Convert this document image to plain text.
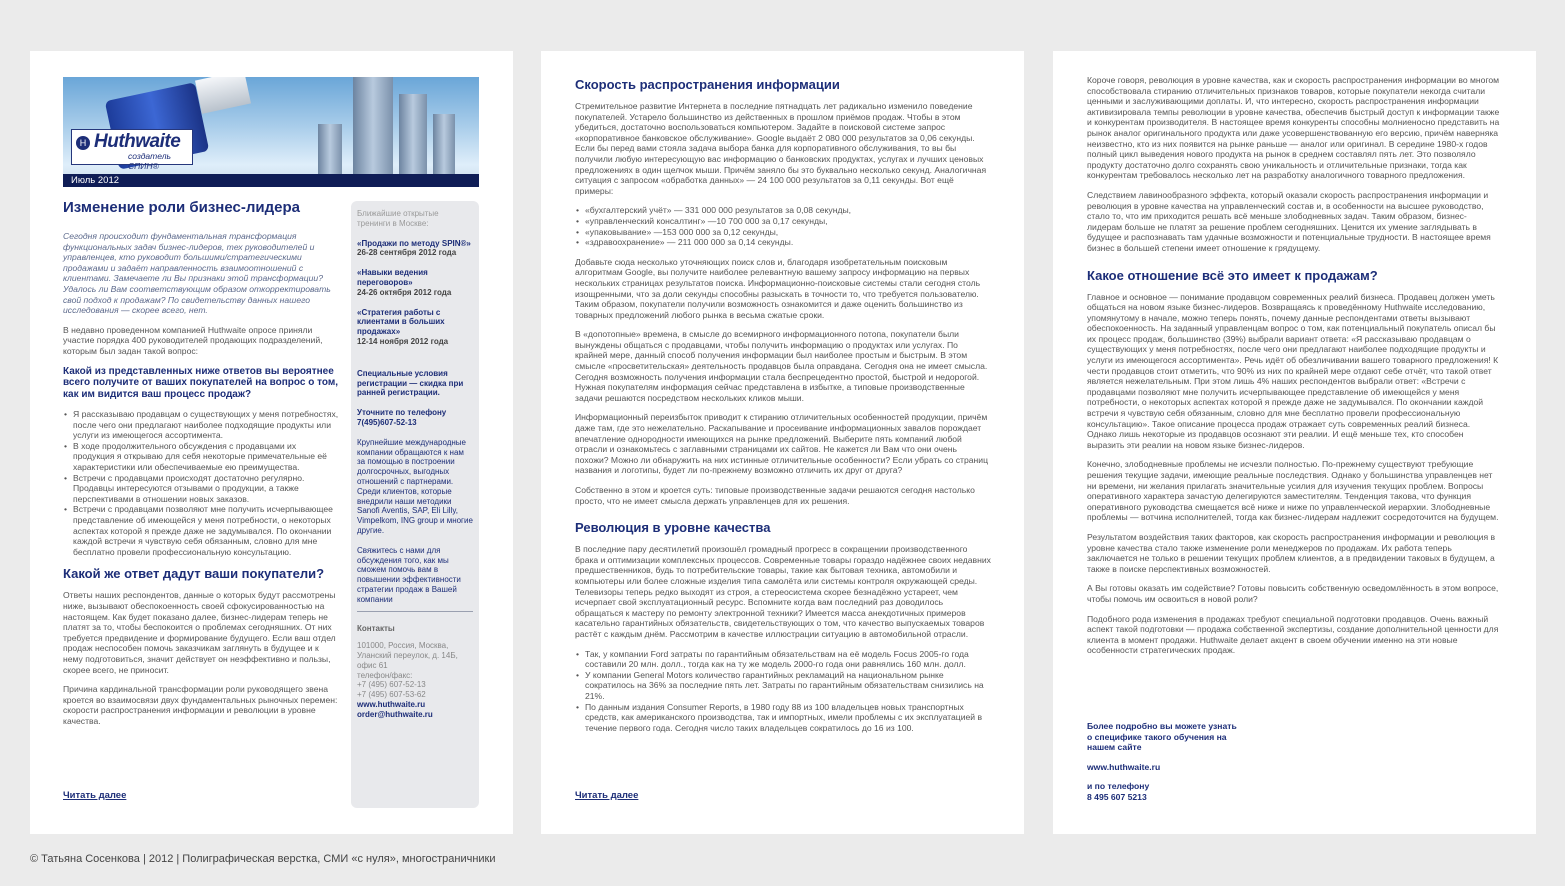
H Huthwaite
создатель СПИН®
Июль 2012
Изменение роли бизнес-лидера

Сегодня происходит фундаментальная трансформация функциональных задач бизнес-лидеров, тех руководителей и управленцев, кто руководит большими/стратегическими продажами и задаёт направленность взаимоотношений с клиентами. Замечаете ли Вы признаки этой трансформации? Удалось ли Вам соответствующим образом откорректировать свой подход к продажам? По свидетельству данных нашего исследования — скорее всего, нет.

В недавно проведенном компанией Huthwaite опросе приняли участие порядка 400 руководителей продающих подразделений, которым был задан такой вопрос:

Какой из представленных ниже ответов вы вероятнее всего получите от ваших покупателей на вопрос о том, как им видится ваш процесс продаж?

• Я рассказываю продавцам о существующих у меня потребностях, после чего они предлагают наиболее подходящие продукты или услуги из имеющегося ассортимента.
• В ходе продолжительного обсуждения с продавцами их продукция я открываю для себя некоторые примечательные её характеристики или обеспечиваемые ею преимущества.
• Встречи с продавцами происходят достаточно регулярно. Продавцы интересуются отзывами о продукции, а также перспективами в отношении новых заказов.
• Встречи с продавцами позволяют мне получить исчерпывающее представление об имеющейся у меня потребности, о некоторых аспектах которой я прежде даже не задумывался. По окончании каждой встречи я чувствую себя обязанным, словно для мне бесплатно провели профессиональную консультацию.
Какой же ответ дадут ваши покупатели?

Ответы наших респондентов, данные о которых будут рассмотрены ниже, вызывают обеспокоенность своей сфокусированностью на настоящем. Как будет показано далее, бизнес-лидерам теперь не платят за то, чтобы беспокоится о проблемах сегодняшних. От них требуется предвидение и формирование будущего. Если ваш отдел продаж неспособен помочь заказчикам заглянуть в будущее и к нему подготовиться, значит действует он неэффективно и пользы, скорее всего, не приносит.

Причина кардинальной трансформации роли руководящего звена кроется во взаимосвязи двух фундаментальных рыночных перемен: скорости распространения информации и революции в уровне качества.

Ближайшие открытые тренинги в Москве:

«Продажи по методу SPIN®»
26-28 сентября 2012 года

«Навыки ведения переговоров»
24-26 октября 2012 года

«Стратегия работы с клиентами в больших продажах»
12-14 ноября 2012 года

Специальные условия регистрации — скидка при ранней регистрации.

Уточните по телефону
7(495)607-52-13

Крупнейшие международные компании обращаются к нам за помощью в построении долгосрочных, выгодных отношений с партнерами. Среди клиентов, которые внедрили наши методики Sanofi Aventis, SAP, Eli Lilly, Vimpelkom, ING group и многие другие.

Свяжитесь с нами для обсуждения того, как мы сможем помочь вам в повышении эффективности стратегии продаж в Вашей компании

Контакты

101000, Россия, Москва, Уланский переулок, д. 14Б, офис 61
телефон/факс:
+7 (495) 607-52-13
+7 (495) 607-53-62
www.huthwaite.ru
order@huthwaite.ru

Читать далее
Скорость распространения информации

Стремительное развитие Интернета в последние пятнадцать лет радикально изменило поведение покупателей. Устарело большинство из действенных в прошлом приёмов продаж. Чтобы в этом убедиться, достаточно воспользоваться компьютером. Задайте в поисковой системе запрос «корпоративное банковское обслуживание». Google выдаёт 2 080 000 результатов за 0,06 секунды. Если бы перед вами стояла задача выбора банка для корпоративного обслуживания, то вы бы получили любую интересующую вас информацию о банковских продуктах, услугах и лучших ценовых предложениях в один щелчок мыши. Причём заняло бы это буквально несколько секунд. Аналогичная ситуация с запросом «обработка данных» — 24 100 000 результатов за 0,11 секунды. Вот ещё примеры:

• «бухгалтерский учёт» — 331 000 000 результатов за 0,08 секунды,
• «управленческий консалтинг» —10 700 000 за 0,17 секунды,
• «упаковывание» —153 000 000 за 0,12 секунды,
• «здравоохранение» — 211 000 000 за 0,14 секунды.

Добавьте сюда несколько уточняющих поиск слов и, благодаря изобретательным поисковым алгоритмам Google, вы получите наиболее релевантную вашему запросу информацию на первых нескольких страницах результатов поиска. Информационно-поисковые системы стали сегодня столь изощренными, что за доли секунды способны разыскать в точности то, что требуется пользователю. Таким образом, покупатели получили возможность ознакомится и даже оценить большинство из товарных предложений любого рынка в весьма сжатые сроки.

В «допотопные» времена, в смысле до всемирного информационного потопа, покупатели были вынуждены общаться с продавцами, чтобы получить информацию о продуктах или услугах. По крайней мере, данный способ получения информации был наиболее простым и быстрым. В этом смысле «просветительская» деятельность продавцов была оправдана. Сегодня она не имеет смысла. Сегодня возможность получения информации стала беспрецедентно простой, быстрой и недорогой. Нужная покупателям информация сейчас представлена в избытке, а типовые производственные задачи решаются посредством нескольких кликов мыши.

Информационный переизбыток приводит к стиранию отличительных особенностей продукции, причём даже там, где это нежелательно. Раскапывание и просеивание информационных завалов порождает впечатление однородности имеющихся на рынке предложений. Выберите пять компаний любой отрасли и ознакомьтесь с заглавными страницами их сайтов. Не кажется ли Вам что они очень похожи? Можно ли обнаружить на них истинные отличительные особенности? Если убрать со страниц названия и логотипы, будет ли по-прежнему возможно отличить их друг от друга?

Собственно в этом и кроется суть: типовые производственные задачи решаются сегодня настолько просто, что не имеет смысла держать управленцев для их решения.

Революция в уровне качества

В последние пару десятилетий произошёл громадный прогресс в сокращении производственного брака и оптимизации комплексных процессов. Современные товары гораздо надёжнее своих недавних предшественников, будь то потребительские товары, такие как бытовая техника, автомобили и компьютеры или более сложные изделия типа самолёта или системы контроля окружающей среды. Телевизоры теперь редко выходят из строя, а стереосистема скорее безнадёжно устареет, чем исчерпает свой эксплуатационный ресурс. Вспомните когда вам последний раз доводилось обращаться к мастеру по ремонту электронной техники? Имеется масса анекдотичных примеров касательно гарантийных обязательств, свидетельствующих о том, что качество выпускаемых товаров растёт с каждым днём. Рассмотрим в качестве иллюстрации ситуацию в автомобильной отрасли.

• Так, у компании Ford затраты по гарантийным обязательствам на её модель Focus 2005-го года составили 20 млн. долл., тогда как на ту же модель 2000-го года они равнялись 160 млн. долл.
• У компании General Motors количество гарантийных рекламаций на национальном рынке сократилось на 36% за последние пять лет. Затраты по гарантийным обязательствам снизились на 21%.
• По данным издания Consumer Reports, в 1980 году 88 из 100 владельцев новых транспортных средств, как американского производства, так и импортных, имели проблемы с их эксплуатацией в течение первого года. Сегодня число таких владельцев сократилось до 16 из 100.
Читать далее

Короче говоря, революция в уровне качества, как и скорость распространения информации во многом способствовала стиранию отличительных признаков товаров, которые покупатели некогда считали ценными и заслуживающими доплаты. И, что интересно, скорость распространения информации активизировала темпы революции в уровне качества, обеспечив быстрый доступ к информации также и конкурентам производителя. В настоящее время конкуренты способны молниеносно представить на рынок аналог оригинального продукта или даже усовершенствованную его версию, причём наверняка неизвестно, кто из них появится на рынке раньше — аналог или оригинал. В середине 1980-х годов полный цикл выведения нового продукта на рынок в среднем составлял пять лет. Это позволяло продукту достаточно долго сохранять свою уникальность и отличительные признаки, тогда как конкурентам требовалось несколько лет на разработку аналогичного товарного предложения.

Следствием лавинообразного эффекта, который оказали скорость распространения информации и революция в уровне качества на управленческий состав и, в особенности на высшее руководство, стало то, что им приходится решать всё меньше злободневных задач. Таким образом, бизнес-лидерам больше не платят за решение проблем сегодняшних. Ценится их умение заглядывать в будущее и распознавать там удачные возможности и потенциальные трудности. В настоящее время бизнес в большей степени имеет отношение к грядущему.

Какое отношение всё это имеет к продажам?

Главное и основное — понимание продавцом современных реалий бизнеса. Продавец должен уметь общаться на новом языке бизнес-лидеров. Возвращаясь к проведённому Huthwaite исследованию, упомянутому в начале, можно теперь понять, почему данные респондентами ответы вызывают обеспокоенность. На заданный управленцам вопрос о том, как потенциальный покупатель описал бы их процесс продаж, большинство (39%) выбрали вариант ответа: «Я рассказываю продавцам о существующих у меня потребностях, после чего они предлагают наиболее подходящие продукты и услуги из имеющегося ассортимента». Речь идёт об обезличивании вашего товарного предложения! К чести продавцов стоит отметить, что 90% из них по крайней мере отдают себе отчёт, что такой ответ является нежелательным. При этом лишь 4% наших респондентов выбрали ответ: «Встречи с продавцами позволяют мне получить исчерпывающее представление об имеющейся у меня потребности, о некоторых аспектах которой я прежде даже не задумывался. По окончании каждой встречи я чувствую себя обязанным, словно для мне бесплатно провели профессиональную консультацию». Такое описание процесса продаж отражает суть современных реалий бизнеса. Однако лишь некоторые из продавцов осознают эти реалии. И ещё меньше тех, кто способен выразить эти реалии на новом языке бизнес-лидеров.

Конечно, злободневные проблемы не исчезли полностью. По-прежнему существуют требующие решения текущие задачи, имеющие реальные последствия. Однако у большинства управленцев нет ни времени, ни желания прилагать значительные усилия для изучения текущих проблем. Вопросы оперативного характера зачастую делегируются заместителям. Тенденция такова, что функция оперативного руководства смещается всё ниже и ниже по управленческой иерархии. Злободневные проблемы — вотчина исполнителей, тогда как бизнес-лидерам надлежит сосредоточится на будущем.

Результатом воздействия таких факторов, как скорость распространения информации и революция в уровне качества стало также изменение роли менеджеров по продажам. Их работа теперь заключается не только в решении текущих проблем клиентов, а в предвидении таковых в будущем, а также в поиске перспективных возможностей.

А Вы готовы оказать им содействие? Готовы повысить собственную осведомлённость в этом вопросе, чтобы помочь им освоиться в новой роли?

Подобного рода изменения в продажах требуют специальной подготовки продавцов. Очень важный аспект такой подготовки — продажа собственной экспертизы, создание дополнительной ценности для клиента в момент продажи. Huthwaite делает акцент в своем обучении именно на эти новые особенности стратегических продаж.

Более подробно вы можете узнать о специфике такого обучения на нашем сайте

www.huthwaite.ru

и по телефону

8 495 607 5213

© Татьяна Сосенкова | 2012 | Полиграфическая верстка, СМИ «с нуля», многостраничники
